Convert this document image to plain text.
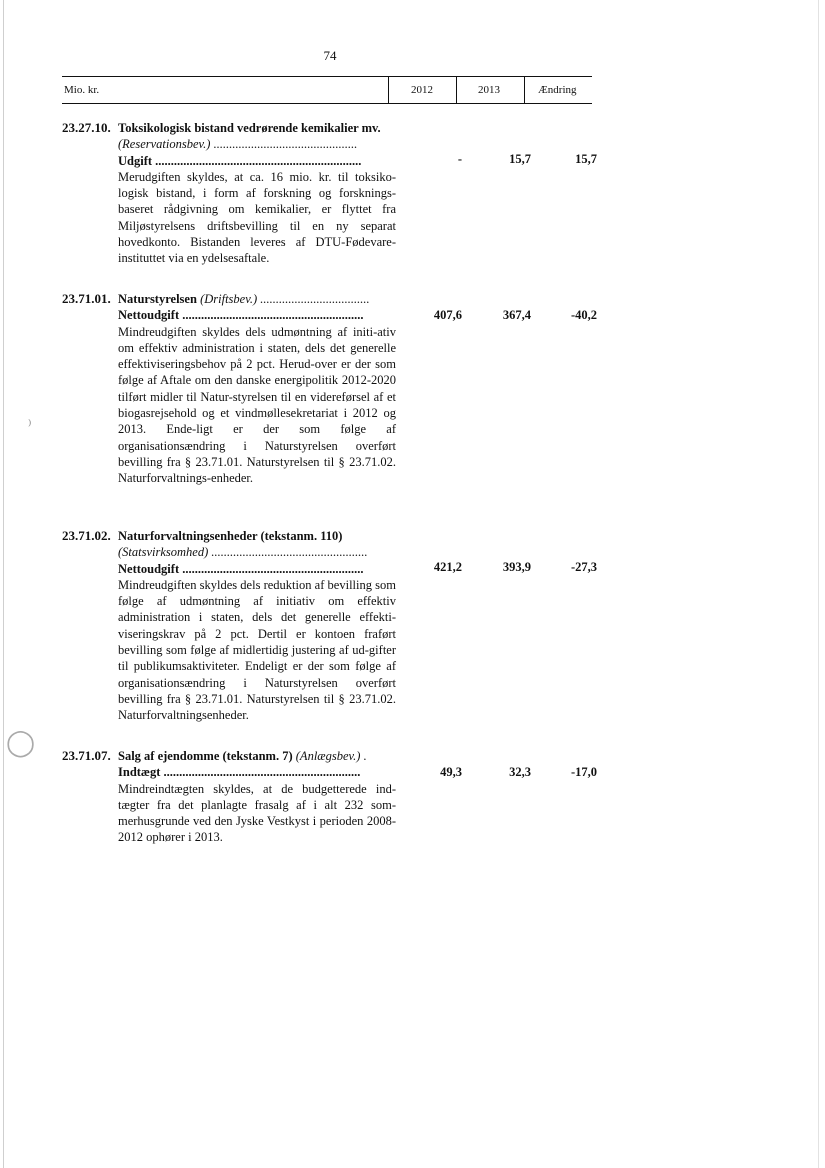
74
Mio. kr.	2012	2013	Ændring
23.27.10. Toksikologisk bistand vedrørende kemikalier mv.
(Reservationsbev.) ..............................................
Udgift ..................................................................
Merudgiften skyldes, at ca. 16 mio. kr. til toksiko-logisk bistand, i form af forskning og forsknings-baseret rådgivning om kemikalier, er flyttet fra Miljøstyrelsens driftsbevilling til en ny separat hovedkonto. Bistanden leveres af DTU-Fødevare-instituttet via en ydelsesaftale.
-	15,7	15,7
23.71.01. Naturstyrelsen (Driftsbev.) ...................................
Nettoudgift ..........................................................
Mindreudgiften skyldes dels udmøntning af initi-ativ om effektiv administration i staten, dels det generelle effektiviseringsbehov på 2 pct. Herud-over er der som følge af Aftale om den danske energipolitik 2012-2020 tilført midler til Natur-styrelsen til en videreførsel af et biogasrejsehold og et vindmøllesekretariat i 2012 og 2013. Ende-ligt er der som følge af organisationsændring i Naturstyrelsen overført bevilling fra § 23.71.01. Naturstyrelsen til § 23.71.02. Naturforvaltnings-enheder.
407,6	367,4	-40,2
23.71.02. Naturforvaltningsenheder (tekstanm. 110)
(Statsvirksomhed) ..................................................
Nettoudgift ..........................................................
Mindreudgiften skyldes dels reduktion af bevilling som følge af udmøntning af initiativ om effektiv administration i staten, dels det generelle effekti-viseringskrav på 2 pct. Dertil er kontoen fraført bevilling som følge af midlertidig justering af ud-gifter til publikumsaktiviteter. Endeligt er der som følge af organisationsændring i Naturstyrelsen overført bevilling fra § 23.71.01. Naturstyrelsen til § 23.71.02. Naturforvaltningsenheder.
421,2	393,9	-27,3
23.71.07. Salg af ejendomme (tekstanm. 7) (Anlægsbev.) .
Indtægt ...............................................................
Mindreindtægten skyldes, at de budgetterede ind-tægter fra det planlagte frasalg af i alt 232 som-merhusgrunde ved den Jyske Vestkyst i perioden 2008-2012 ophører i 2013.
49,3	32,3	-17,0
⁾
◯
